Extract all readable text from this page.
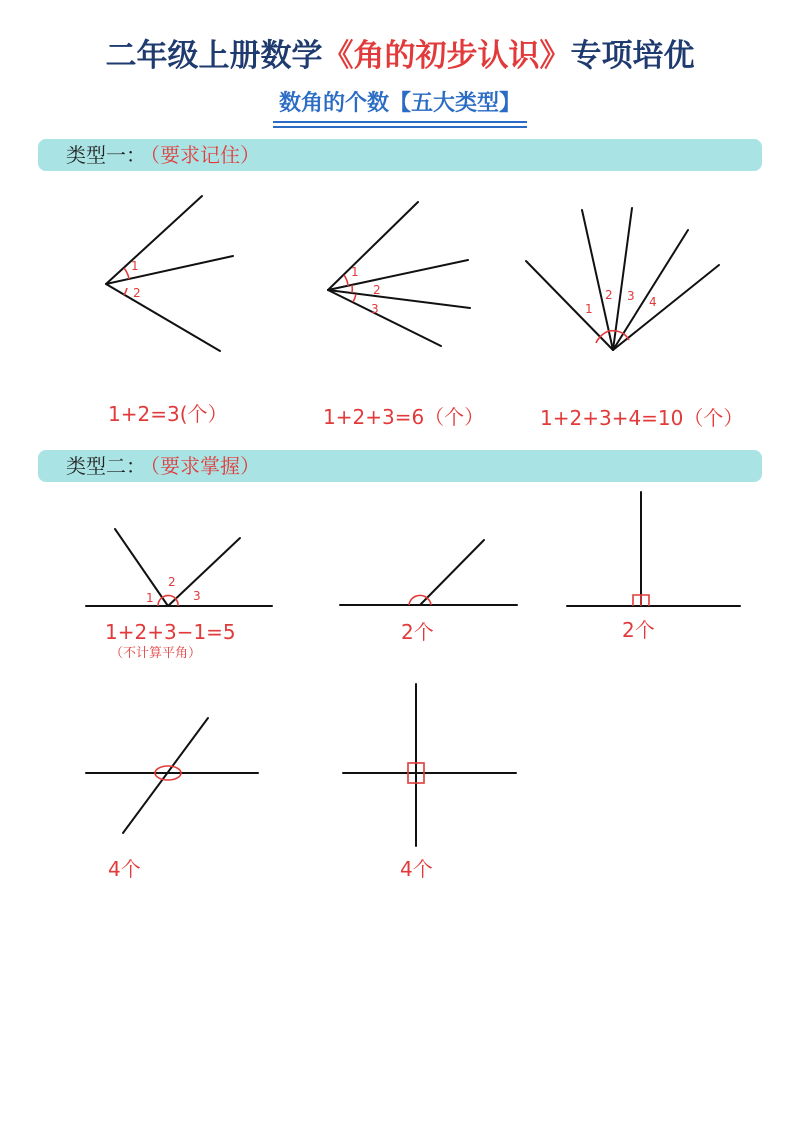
二年级上册数学《角的初步认识》专项培优
数角的个数【五大类型】
类型一： （要求记住）
类型二： （要求掌握）
1
2
1
2
3	1
2 3 4
1
2
3
1+2=3(个）	1+2+3=6（个）	1+2+3+4=10（个）
1+2+3−1=5
（不计算平角）
2个	2个
4个	4个
